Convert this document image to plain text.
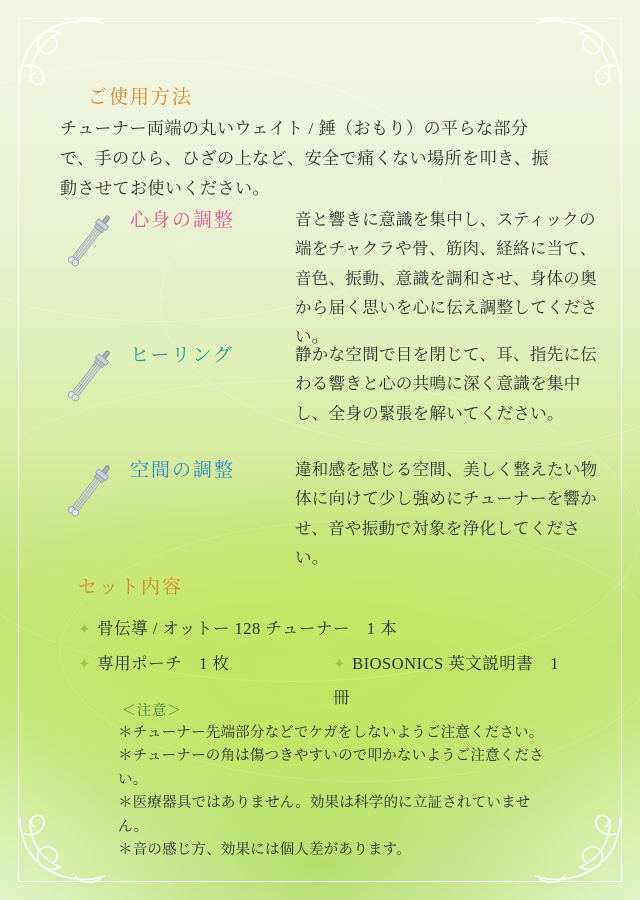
ご使用方法
チューナー両端の丸いウェイト / 錘（おもり）の平らな部分で、手のひら、ひざの上など、安全で痛くない場所を叩き、振動させてお使いください。
心身の調整	音と響きに意識を集中し、スティックの端をチャクラや骨、筋肉、経絡に当て、音色、振動、意識を調和させ、身体の奥から届く思いを心に伝え調整してください。
ヒーリング	静かな空間で目を閉じて、耳、指先に伝わる響きと心の共鳴に深く意識を集中し、全身の緊張を解いてください。
空間の調整	違和感を感じる空間、美しく整えたい物体に向けて少し強めにチューナーを響かせ、音や振動で対象を浄化してください。
セット内容
✦ 骨伝導 / オットー 128 チューナー　1 本
✦ 専用ポーチ　1 枚	✦ BIOSONICS 英文説明書　1 冊
＜注意＞
＊チューナー先端部分などでケガをしないようご注意ください。
＊チューナーの角は傷つきやすいので叩かないようご注意ください。
＊医療器具ではありません。効果は科学的に立証されていません。
＊音の感じ方、効果には個人差があります。
